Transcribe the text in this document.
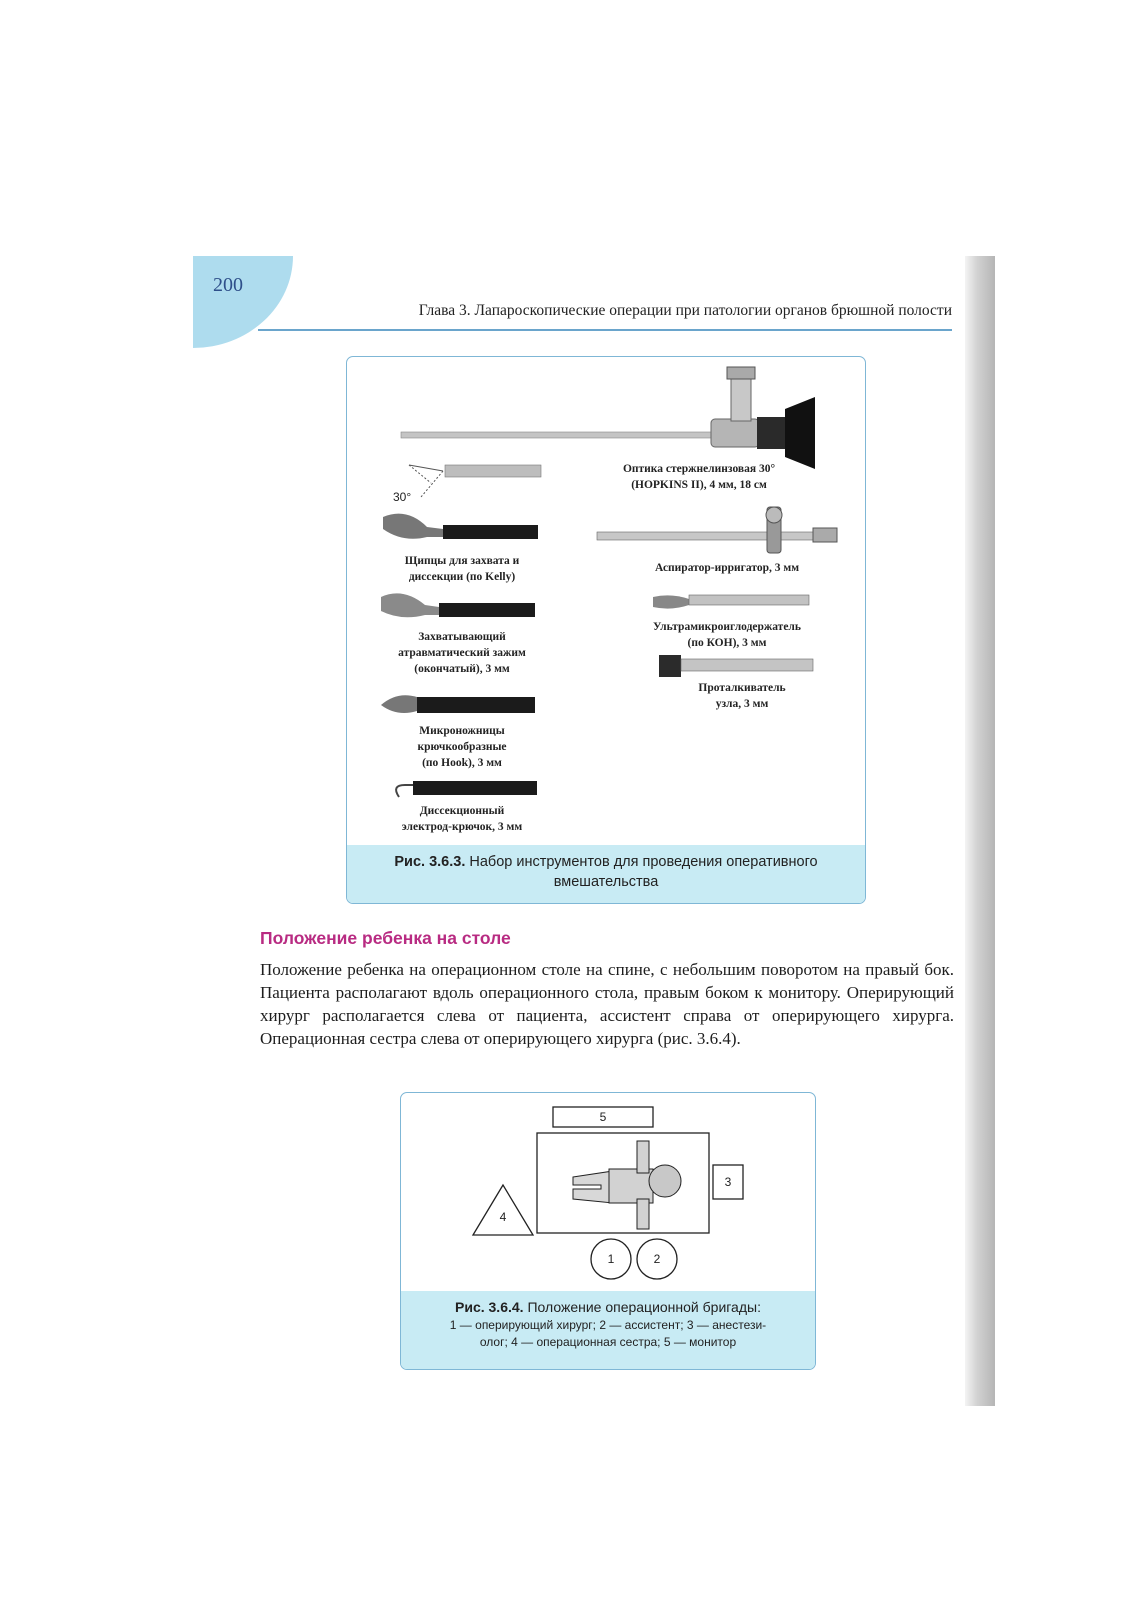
200
Глава 3. Лапароскопические операции при патологии органов брюшной полости
30°
Оптика стержнелинзовая 30°
(HOPKINS II), 4 мм, 18 см
Щипцы для захвата и
диссекции (по Kelly)
Захватывающий
атравматический зажим
(окончатый), 3 мм
Микроножницы
крючкообразные
(по Hook), 3 мм
Диссекционный
электрод-крючок, 3 мм
Аспиратор-ирригатор, 3 мм
Ультрамикроиглодержатель
(по КОН), 3 мм
Проталкиватель
узла, 3 мм
Рис. 3.6.3. Набор инструментов для проведения оперативного
вмешательства
Положение ребенка на столе
Положение ребенка на операционном столе на спине, с небольшим поворотом на правый бок. Пациента располагают вдоль операционного стола, правым боком к монитору. Оперирующий хирург располагается слева от пациента, ассистент справа от оперирующего хирурга. Операционная сестра слева от оперирующего хирурга (рис. 3.6.4).
5
3
4
1	2
Рис. 3.6.4. Положение операционной бригады:
1 — оперирующий хирург; 2 — ассистент; 3 — анестези-
олог; 4 — операционная сестра; 5 — монитор
